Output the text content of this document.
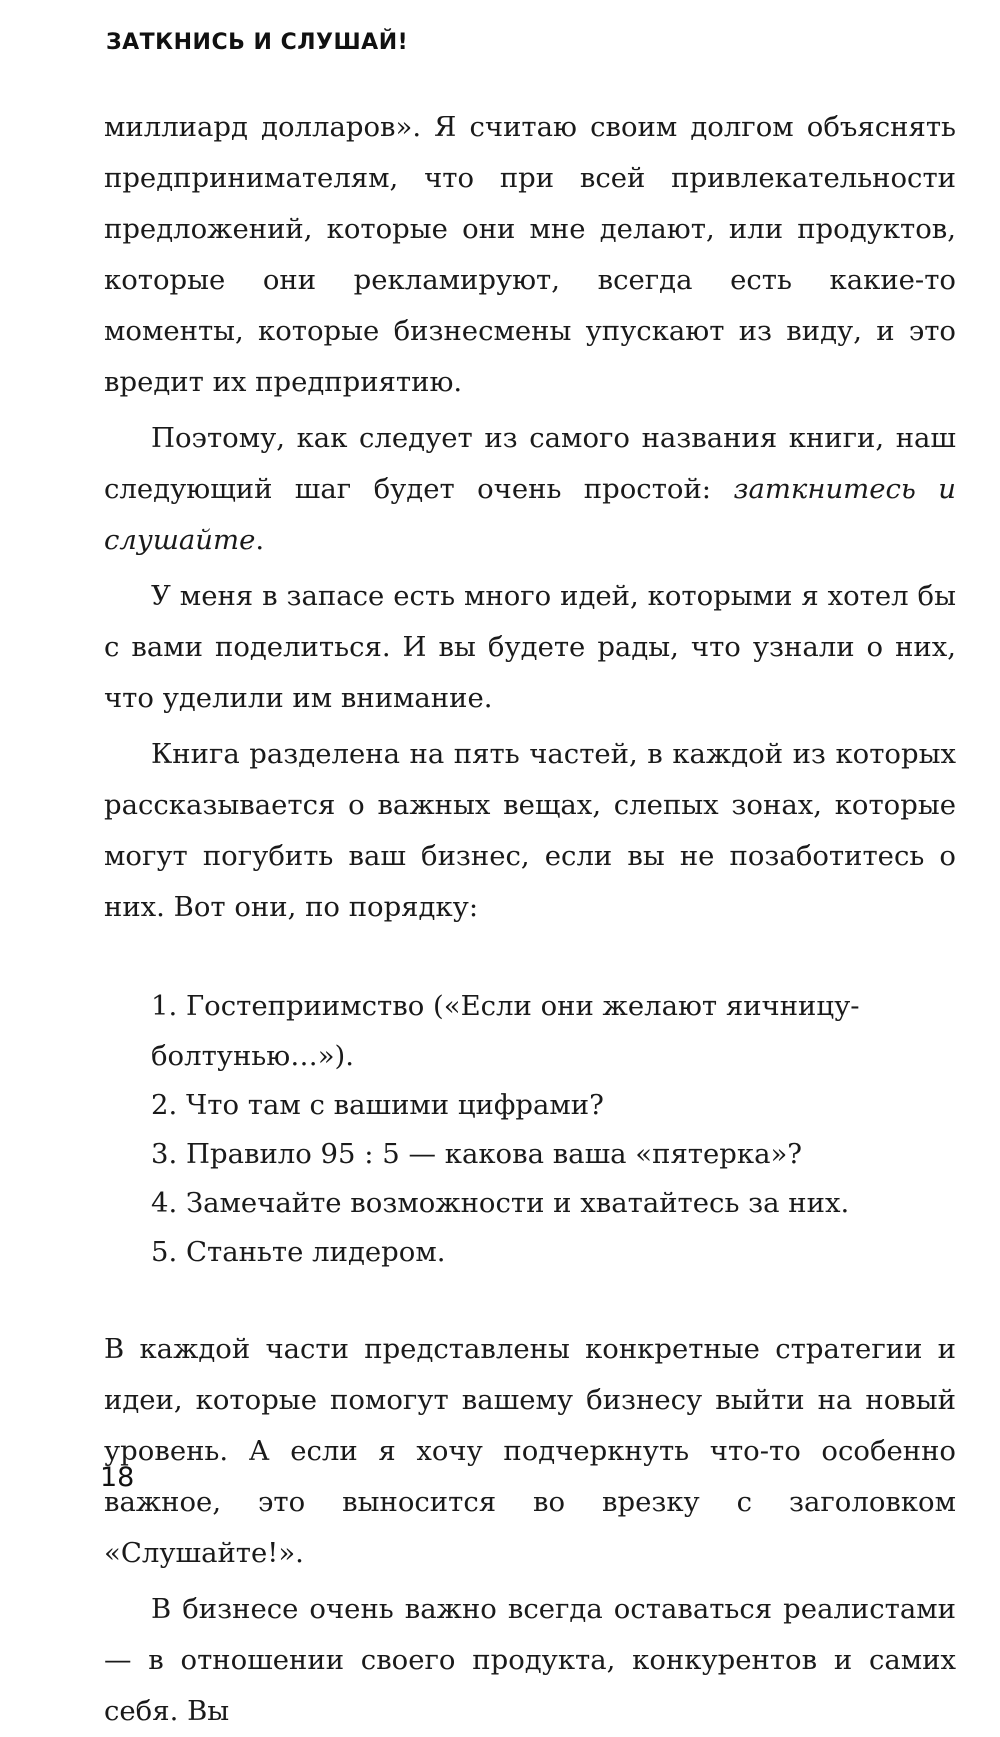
ЗАТКНИСЬ И СЛУШАЙ!

миллиард долларов». Я считаю своим долгом объяснять предпринимателям, что при всей привлекательности предложений, которые они мне делают, или продуктов, которые они рекламируют, всегда есть какие-то моменты, которые бизнесмены упускают из виду, и это вредит их предприятию.

Поэтому, как следует из самого названия книги, наш следующий шаг будет очень простой: заткнитесь и слушайте.

У меня в запасе есть много идей, которыми я хотел бы с вами поделиться. И вы будете рады, что узнали о них, что уделили им внимание.

Книга разделена на пять частей, в каждой из которых рассказывается о важных вещах, слепых зонах, которые могут погубить ваш бизнес, если вы не позаботитесь о них. Вот они, по порядку:

1. Гостеприимство («Если они желают яичницу-болтунью…»).
2. Что там с вашими цифрами?
3. Правило 95 : 5 — какова ваша «пятерка»?
4. Замечайте возможности и хватайтесь за них.
5. Станьте лидером.

В каждой части представлены конкретные стратегии и идеи, которые помогут вашему бизнесу выйти на новый уровень. А если я хочу подчеркнуть что-то особенно важное, это выносится во врезку с заголовком «Слушайте!».

В бизнесе очень важно всегда оставаться реалистами — в отношении своего продукта, конкурентов и самих себя. Вы

18
